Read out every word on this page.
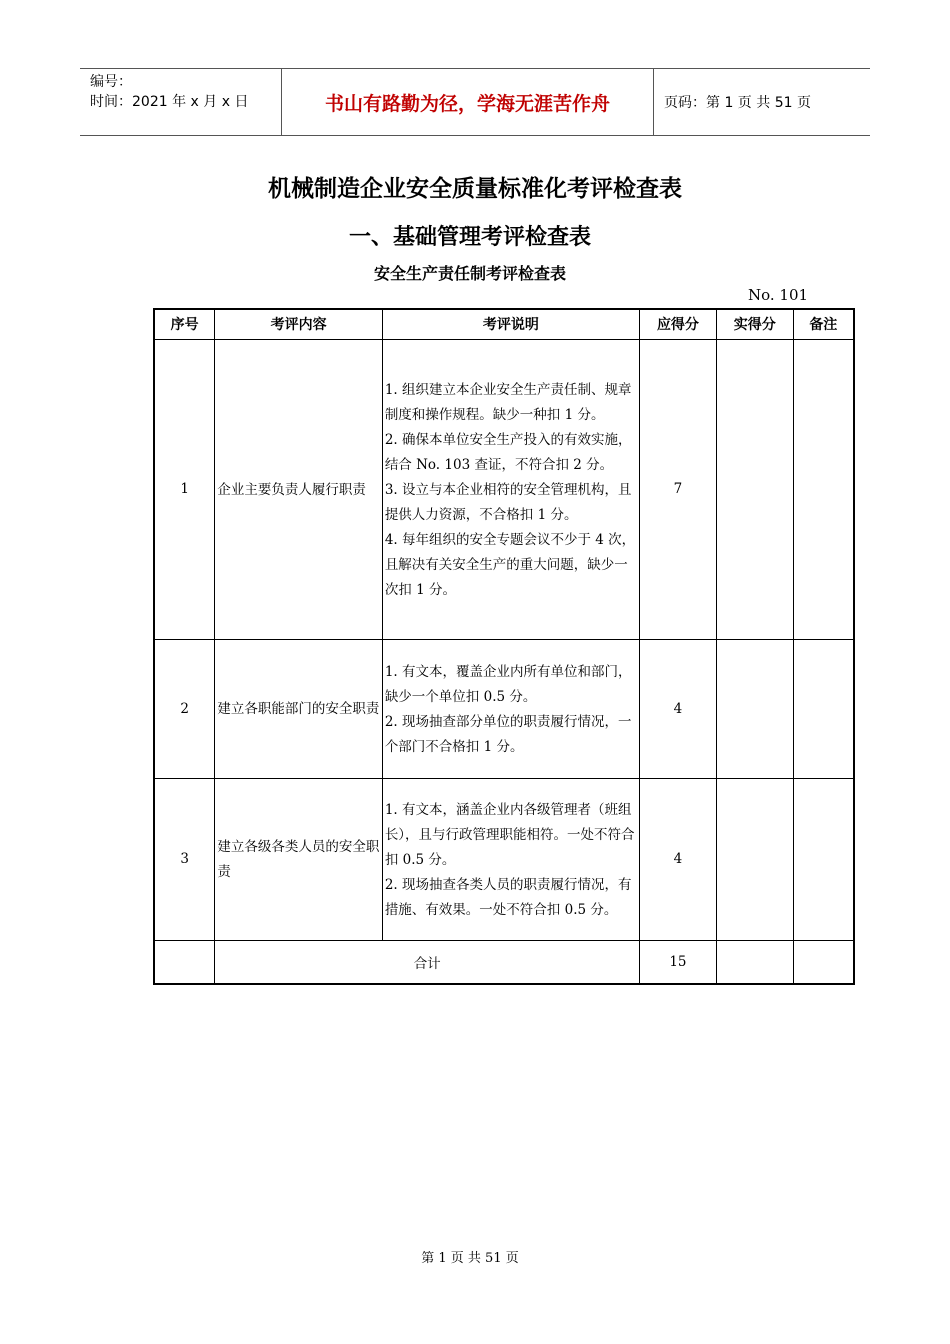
编号：
时间：2021 年 x 月 x 日	书山有路勤为径，学海无涯苦作舟	页码：第 1 页 共 51 页
机械制造企业安全质量标准化考评检查表
一、基础管理考评检查表
安全生产责任制考评检查表
No. 101
序号	考评内容	考评说明	应得分	实得分	备注
1	企业主要负责人履行职责	1. 组织建立本企业安全生产责任制、规章制度和操作规程。缺少一种扣 1 分。
2. 确保本单位安全生产投入的有效实施，结合 No. 103 查证，不符合扣 2 分。
3. 设立与本企业相符的安全管理机构，且提供人力资源，不合格扣 1 分。
4. 每年组织的安全专题会议不少于 4 次，且解决有关安全生产的重大问题，缺少一次扣 1 分。	7		
2	建立各职能部门的安全职责	1. 有文本，覆盖企业内所有单位和部门，缺少一个单位扣 0.5 分。
2. 现场抽查部分单位的职责履行情况，一个部门不合格扣 1 分。	4		
3	建立各级各类人员的安全职责	1. 有文本，涵盖企业内各级管理者（班组长），且与行政管理职能相符。一处不符合扣 0.5 分。
2. 现场抽查各类人员的职责履行情况，有措施、有效果。一处不符合扣 0.5 分。	4		
	合计		15		
第 1 页 共 51 页
